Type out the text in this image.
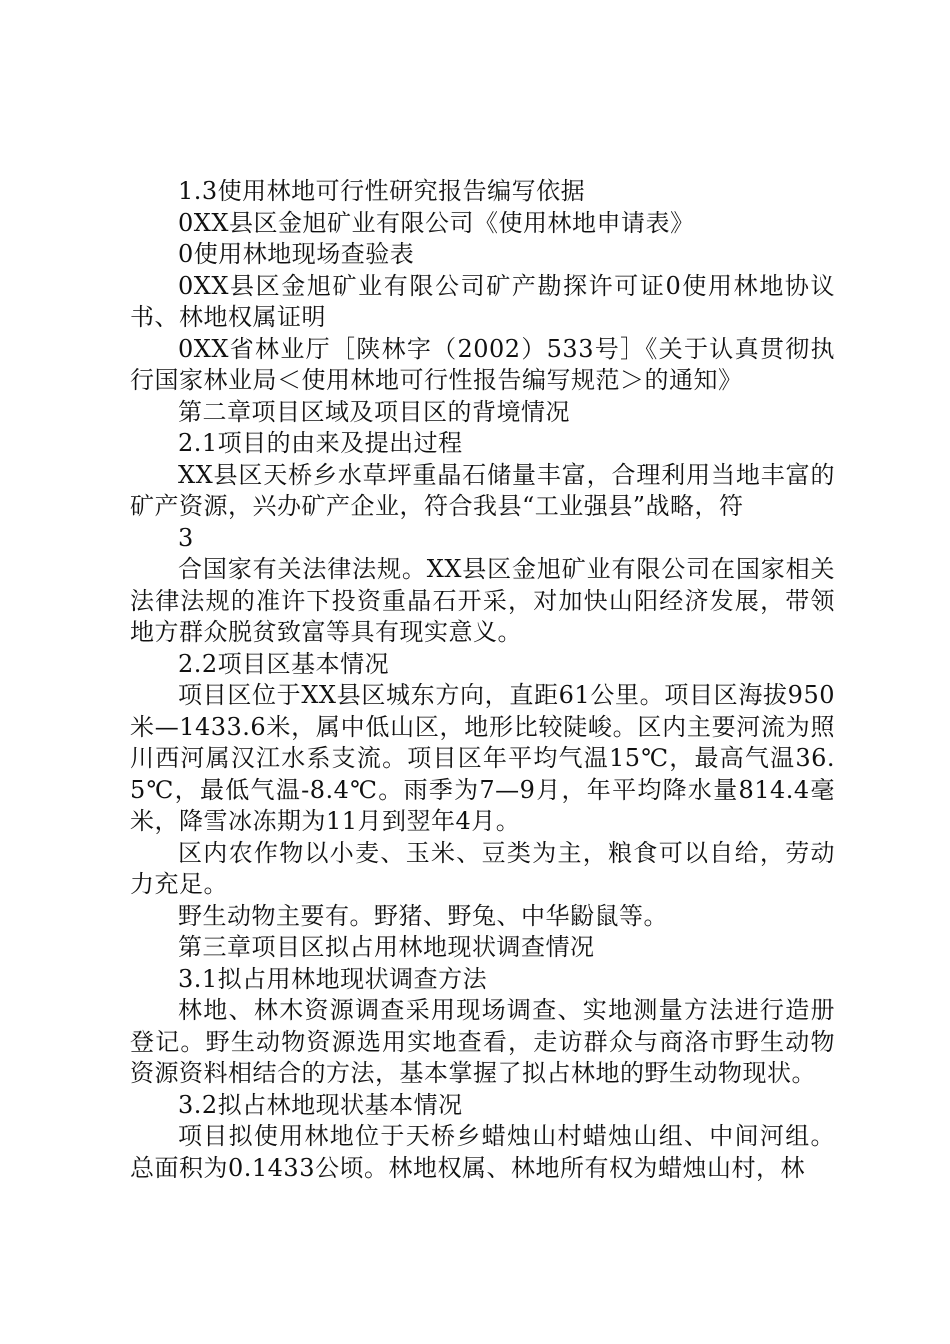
1.3使用林地可行性研究报告编写依据

0XX县区金旭矿业有限公司《使用林地申请表》

0使用林地现场查验表

0XX县区金旭矿业有限公司矿产勘探许可证0使用林地协议书、林地权属证明

0XX省林业厅［陕林字（2002）533号］《关于认真贯彻执行国家林业局＜使用林地可行性报告编写规范＞的通知》

第二章项目区域及项目区的背境情况

2.1项目的由来及提出过程

XX县区天桥乡水草坪重晶石储量丰富，合理利用当地丰富的矿产资源，兴办矿产企业，符合我县“工业强县”战略，符

3

合国家有关法律法规。XX县区金旭矿业有限公司在国家相关法律法规的准许下投资重晶石开采，对加快山阳经济发展，带领地方群众脱贫致富等具有现实意义。

2.2项目区基本情况

项目区位于XX县区城东方向，直距61公里。项目区海拔950米—1433.6米，属中低山区，地形比较陡峻。区内主要河流为照川西河属汉江水系支流。项目区年平均气温15℃，最高气温36.5℃，最低气温-8.4℃。雨季为7—9月，年平均降水量814.4毫米，降雪冰冻期为11月到翌年4月。

区内农作物以小麦、玉米、豆类为主，粮食可以自给，劳动力充足。

野生动物主要有。野猪、野兔、中华鼢鼠等。

第三章项目区拟占用林地现状调查情况

3.1拟占用林地现状调查方法

林地、林木资源调查采用现场调查、实地测量方法进行造册登记。野生动物资源选用实地查看，走访群众与商洛市野生动物资源资料相结合的方法，基本掌握了拟占林地的野生动物现状。

3.2拟占林地现状基本情况

项目拟使用林地位于天桥乡蜡烛山村蜡烛山组、中间河组。总面积为0.1433公顷。林地权属、林地所有权为蜡烛山村，林
